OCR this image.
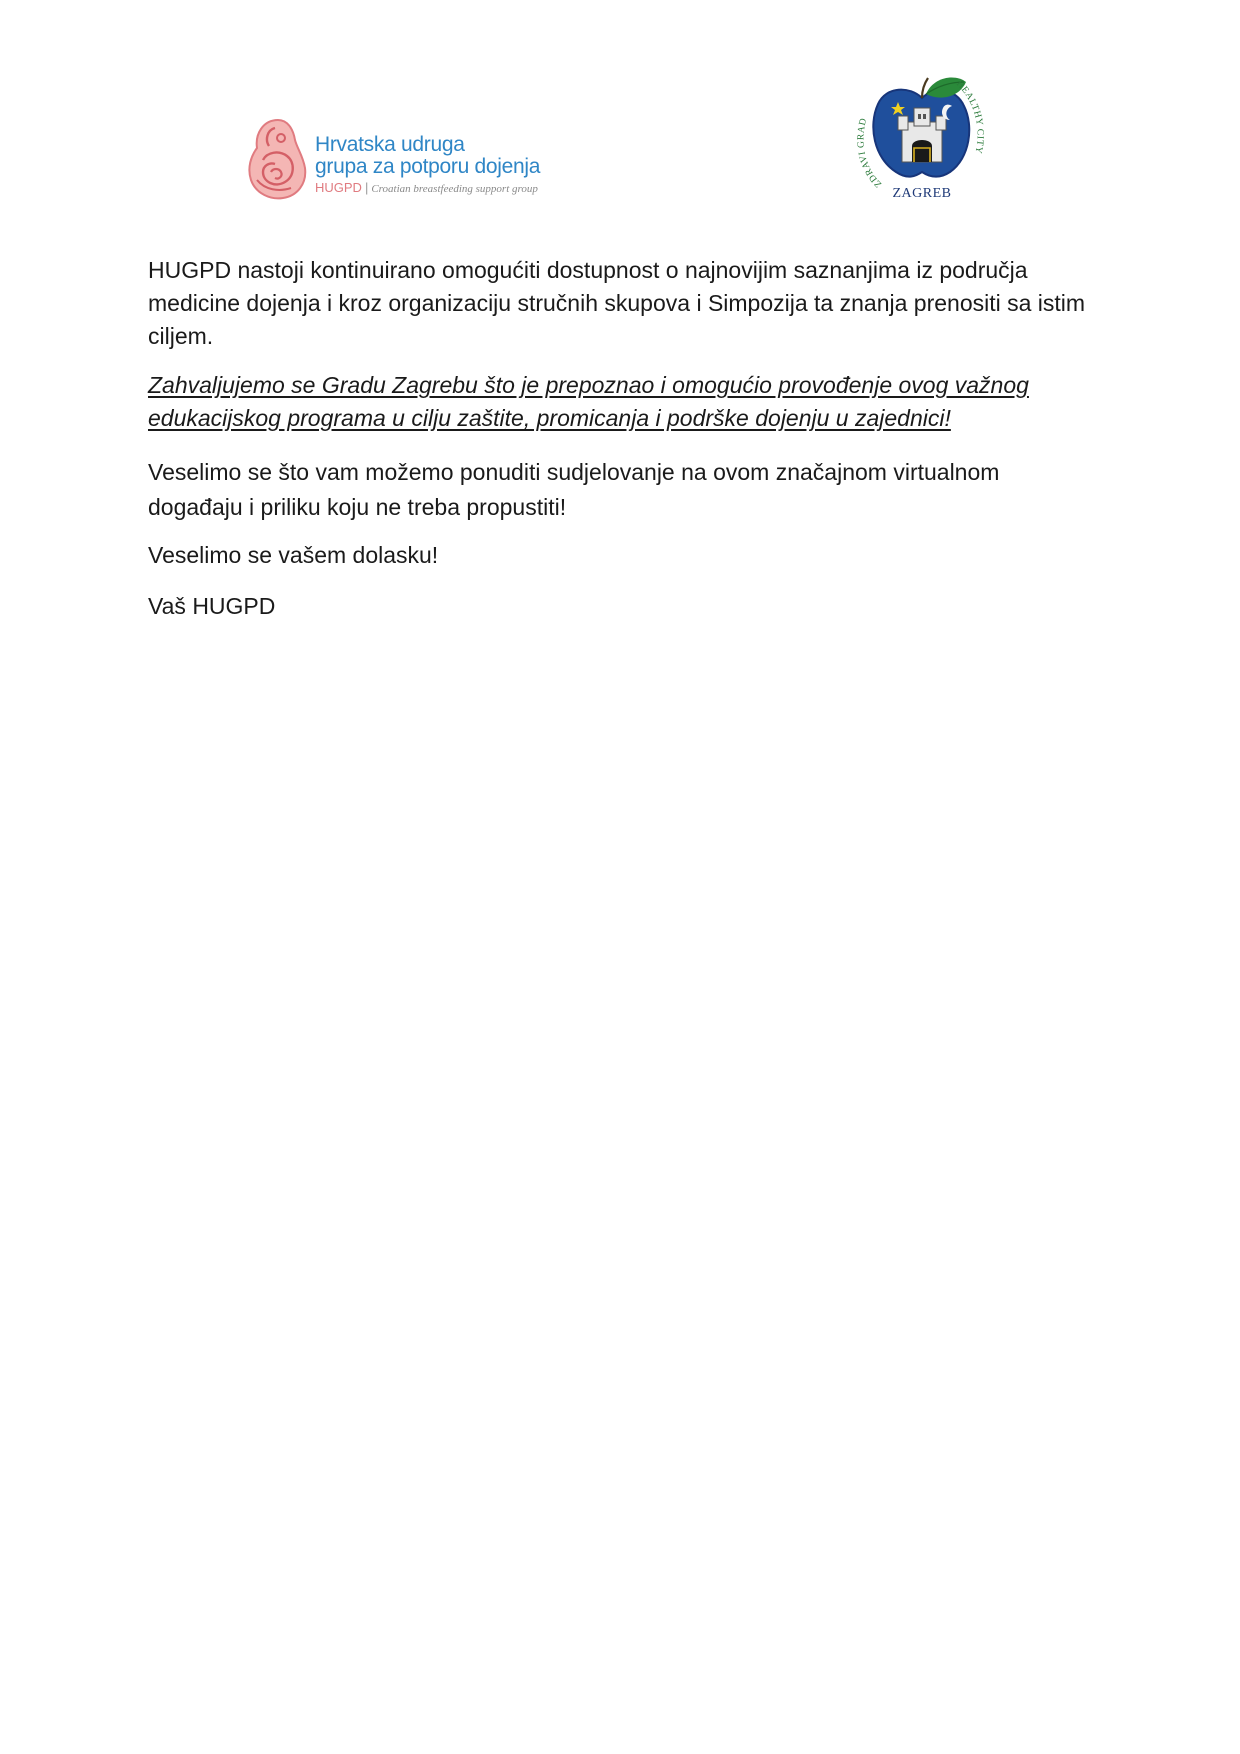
Hrvatska udruga
grupa za potporu dojenja
HUGPD | Croatian breastfeeding support group	ZDRAVI GRAD
HEALTHY CITY
ZAGREB

HUGPD nastoji kontinuirano omogućiti dostupnost o najnovijim saznanjima iz područja medicine dojenja i kroz organizaciju stručnih skupova i Simpozija ta znanja prenositi sa istim ciljem.

Zahvaljujemo se Gradu Zagrebu što je prepoznao i omogućio provođenje ovog važnog edukacijskog programa u cilju zaštite, promicanja i podrške dojenju u zajednici!

Veselimo se što vam možemo ponuditi sudjelovanje na ovom značajnom virtualnom događaju i priliku koju ne treba propustiti!

Veselimo se vašem dolasku!

Vaš HUGPD
